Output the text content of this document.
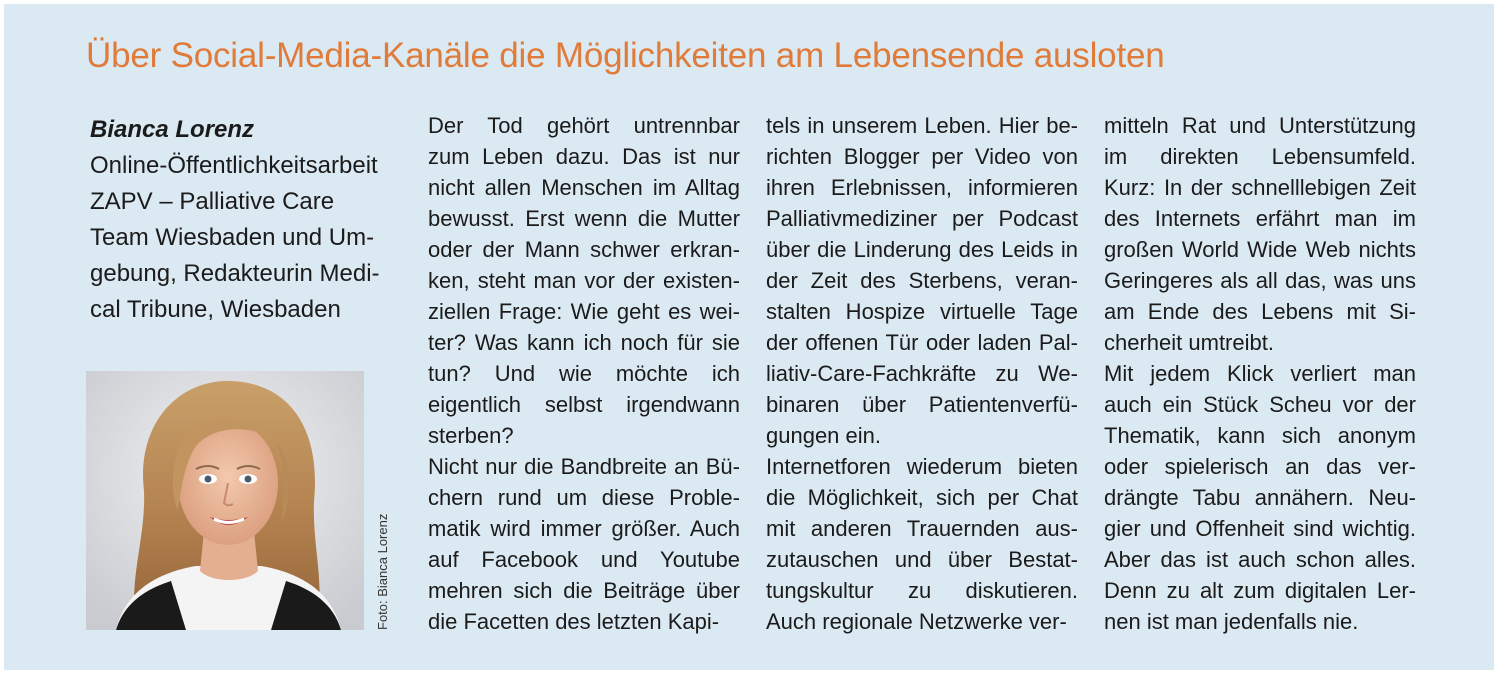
Über Social-Media-Kanäle die Möglichkeiten am Lebensende ausloten
Bianca Lorenz
Online-Öffentlichkeitsarbeit
ZAPV – Palliative Care
Team Wiesbaden und Um-
gebung, Redakteurin Medi-
cal Tribune, Wiesbaden
Foto: Bianca Lorenz
Der Tod gehört untrennbar
zum Leben dazu. Das ist nur
nicht allen Menschen im Alltag
bewusst. Erst wenn die Mutter
oder der Mann schwer erkran-
ken, steht man vor der existen-
ziellen Frage: Wie geht es wei-
ter? Was kann ich noch für sie
tun? Und wie möchte ich
eigentlich selbst irgendwann
sterben?
Nicht nur die Bandbreite an Bü-
chern rund um diese Proble-
matik wird immer größer. Auch
auf Facebook und Youtube
mehren sich die Beiträge über
die Facetten des letzten Kapi-
tels in unserem Leben. Hier be-
richten Blogger per Video von
ihren Erlebnissen, informieren
Palliativmediziner per Podcast
über die Linderung des Leids in
der Zeit des Sterbens, veran-
stalten Hospize virtuelle Tage
der offenen Tür oder laden Pal-
liativ-Care-Fachkräfte zu We-
binaren über Patientenverfü-
gungen ein.
Internetforen wiederum bieten
die Möglichkeit, sich per Chat
mit anderen Trauernden aus-
zutauschen und über Bestat-
tungskultur zu diskutieren.
Auch regionale Netzwerke ver-
mitteln Rat und Unterstützung
im direkten Lebensumfeld.
Kurz: In der schnelllebigen Zeit
des Internets erfährt man im
großen World Wide Web nichts
Geringeres als all das, was uns
am Ende des Lebens mit Si-
cherheit umtreibt.
Mit jedem Klick verliert man
auch ein Stück Scheu vor der
Thematik, kann sich anonym
oder spielerisch an das ver-
drängte Tabu annähern. Neu-
gier und Offenheit sind wichtig.
Aber das ist auch schon alles.
Denn zu alt zum digitalen Ler-
nen ist man jedenfalls nie.
